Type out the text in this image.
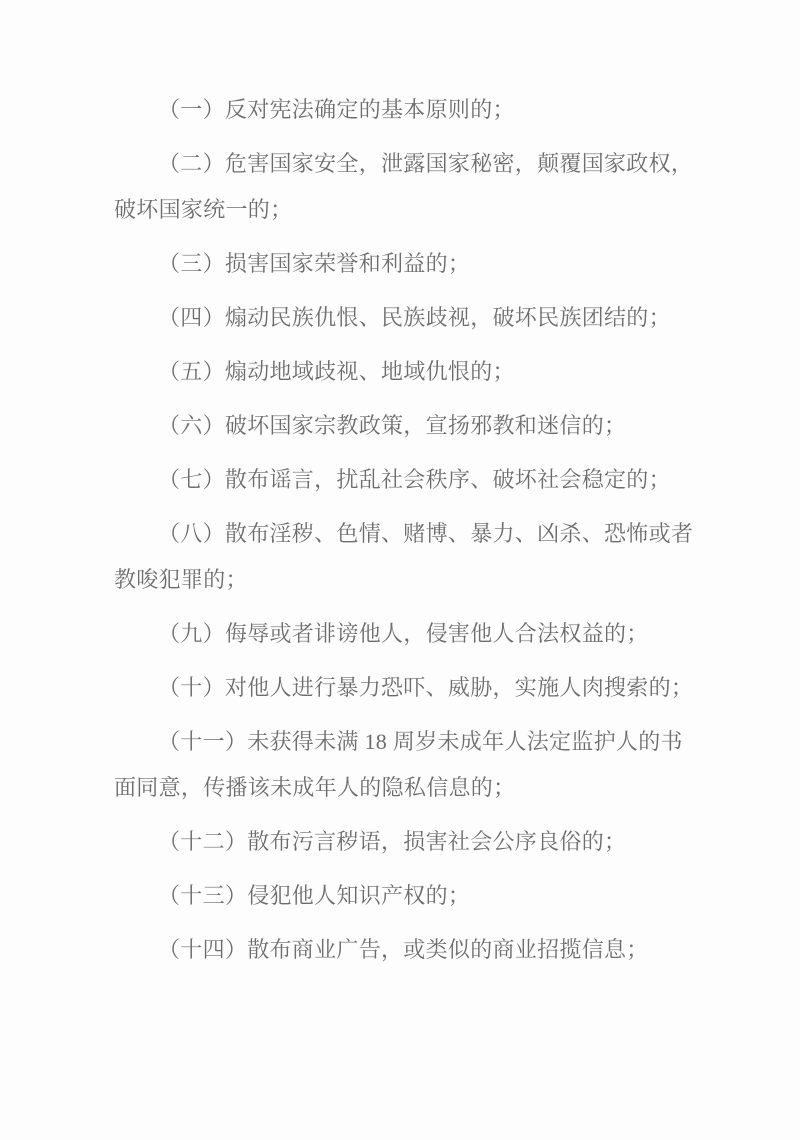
（一）反对宪法确定的基本原则的；
（二）危害国家安全，泄露国家秘密，颠覆国家政权，
破坏国家统一的；
（三）损害国家荣誉和利益的；
（四）煽动民族仇恨、民族歧视，破坏民族团结的；
（五）煽动地域歧视、地域仇恨的；
（六）破坏国家宗教政策，宣扬邪教和迷信的；
（七）散布谣言，扰乱社会秩序、破坏社会稳定的；
（八）散布淫秽、色情、赌博、暴力、凶杀、恐怖或者
教唆犯罪的；
（九）侮辱或者诽谤他人，侵害他人合法权益的；
（十）对他人进行暴力恐吓、威胁，实施人肉搜索的；
（十一）未获得未满 18 周岁未成年人法定监护人的书
面同意，传播该未成年人的隐私信息的；
（十二）散布污言秽语，损害社会公序良俗的；
（十三）侵犯他人知识产权的；
（十四）散布商业广告，或类似的商业招揽信息；
